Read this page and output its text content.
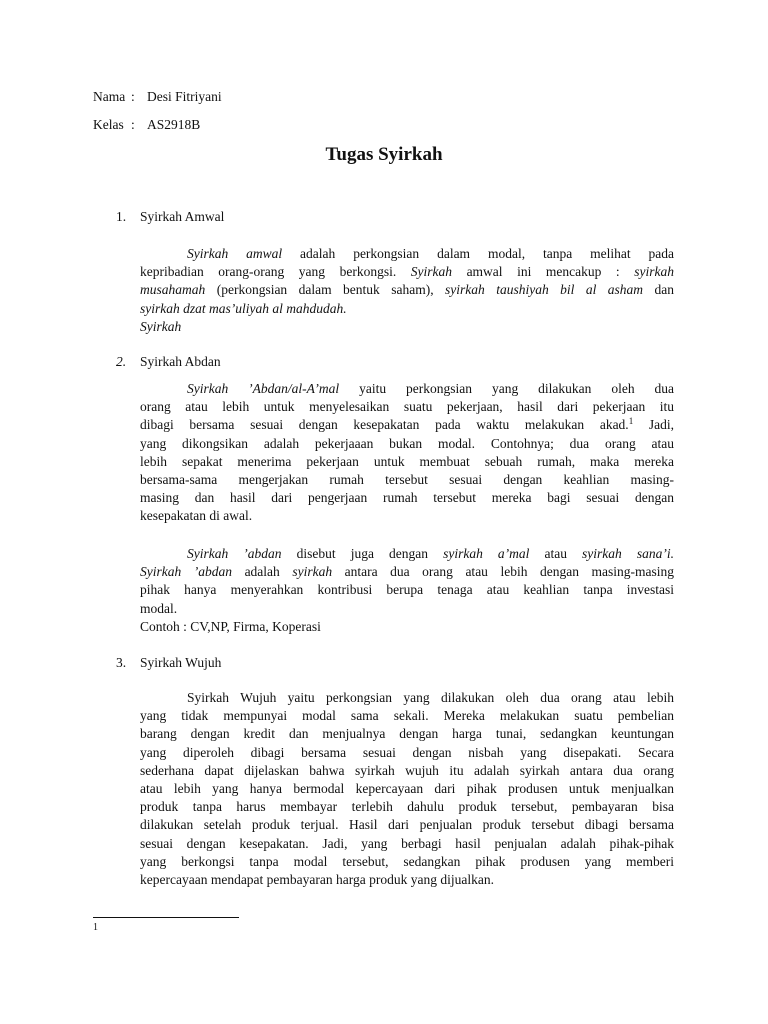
Nama : Desi Fitriyani
Kelas : AS2918B
Tugas Syirkah
1. Syirkah Amwal
Syirkah amwal adalah perkongsian dalam modal, tanpa melihat pada
kepribadian orang-orang yang berkongsi. Syirkah amwal ini mencakup : syirkah
musahamah (perkongsian dalam bentuk saham), syirkah taushiyah bil al asham dan
syirkah dzat mas’uliyah al mahdudah.
Syirkah
2. Syirkah Abdan
Syirkah ’Abdan/al-A’mal yaitu perkongsian yang dilakukan oleh dua
orang atau lebih untuk menyelesaikan suatu pekerjaan, hasil dari pekerjaan itu
dibagi bersama sesuai dengan kesepakatan pada waktu melakukan akad.$^1$ Jadi,
yang dikongsikan adalah pekerjaaan bukan modal. Contohnya; dua orang atau
lebih sepakat menerima pekerjaan untuk membuat sebuah rumah, maka mereka
bersama-sama mengerjakan rumah tersebut sesuai dengan keahlian masing-
masing dan hasil dari pengerjaan rumah tersebut mereka bagi sesuai dengan
kesepakatan di awal.
Syirkah ’abdan disebut juga dengan syirkah a’mal atau syirkah sana’i.
Syirkah ’abdan adalah syirkah antara dua orang atau lebih dengan masing-masing
pihak hanya menyerahkan kontribusi berupa tenaga atau keahlian tanpa investasi
modal.
Contoh : CV,NP, Firma, Koperasi
3. Syirkah Wujuh
Syirkah Wujuh yaitu perkongsian yang dilakukan oleh dua orang atau lebih
yang tidak mempunyai modal sama sekali. Mereka melakukan suatu pembelian
barang dengan kredit dan menjualnya dengan harga tunai, sedangkan keuntungan
yang diperoleh dibagi bersama sesuai dengan nisbah yang disepakati. Secara
sederhana dapat dijelaskan bahwa syirkah wujuh itu adalah syirkah antara dua orang
atau lebih yang hanya bermodal kepercayaan dari pihak produsen untuk menjualkan
produk tanpa harus membayar terlebih dahulu produk tersebut, pembayaran bisa
dilakukan setelah produk terjual. Hasil dari penjualan produk tersebut dibagi bersama
sesuai dengan kesepakatan. Jadi, yang berbagi hasil penjualan adalah pihak-pihak
yang berkongsi tanpa modal tersebut, sedangkan pihak produsen yang memberi
kepercayaan mendapat pembayaran harga produk yang dijualkan.
1
